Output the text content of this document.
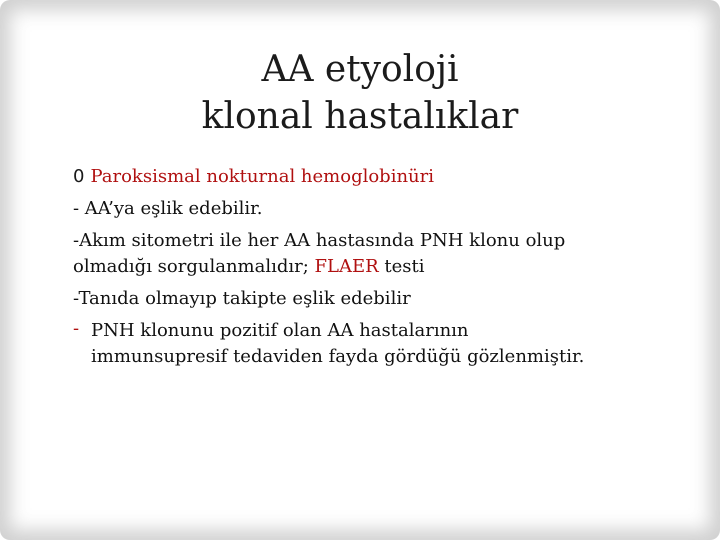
AA etyoloji
klonal hastalıklar

0 Paroksismal nokturnal hemoglobinüri

- AA’ya eşlik edebilir.

-Akım sitometri ile her AA hastasında PNH klonu olup

olmadığı sorgulanmalıdır; FLAER testi

-Tanıda olmayıp takipte eşlik edebilir

- PNH klonunu pozitif olan AA hastalarının

immunsupresif tedaviden fayda gördüğü gözlenmiştir.
